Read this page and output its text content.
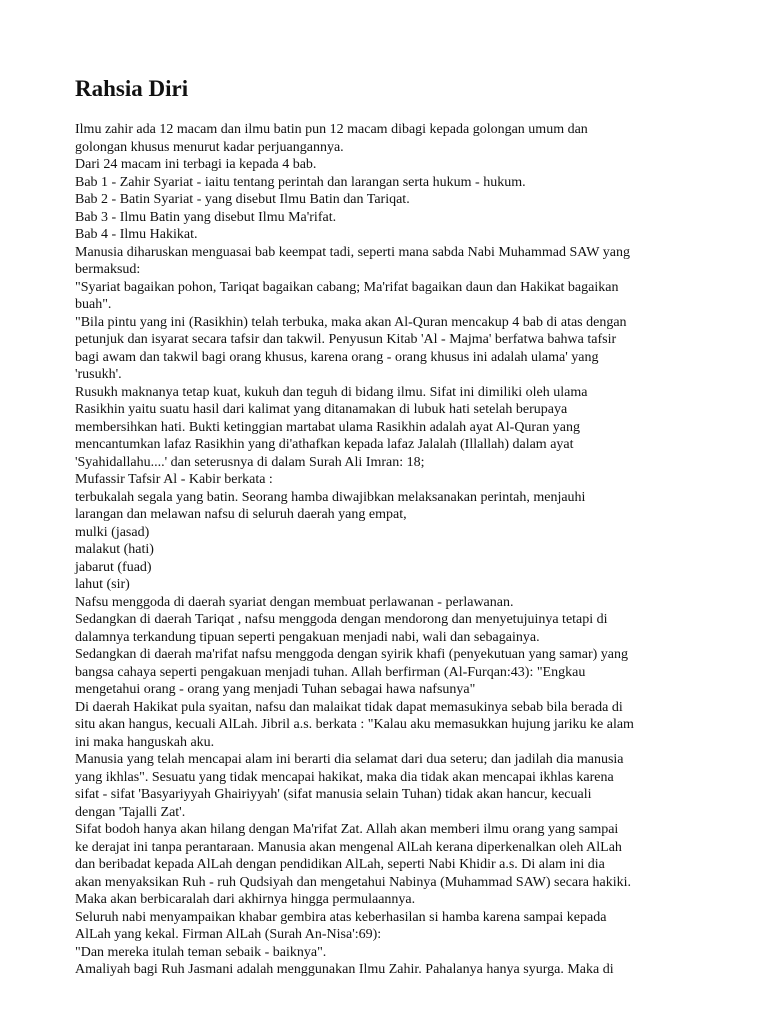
Rahsia Diri
Ilmu zahir ada 12 macam dan ilmu batin pun 12 macam dibagi kepada golongan umum dan
golongan khusus menurut kadar perjuangannya.
Dari 24 macam ini terbagi ia kepada 4 bab.
Bab 1 - Zahir Syariat - iaitu tentang perintah dan larangan serta hukum - hukum.
Bab 2 - Batin Syariat - yang disebut Ilmu Batin dan Tariqat.
Bab 3 - Ilmu Batin yang disebut Ilmu Ma'rifat.
Bab 4 - Ilmu Hakikat.
Manusia diharuskan menguasai bab keempat tadi, seperti mana sabda Nabi Muhammad SAW yang
bermaksud:
"Syariat bagaikan pohon, Tariqat bagaikan cabang; Ma'rifat bagaikan daun dan Hakikat bagaikan
buah".
"Bila pintu yang ini (Rasikhin) telah terbuka, maka akan Al-Quran mencakup 4 bab di atas dengan
petunjuk dan isyarat secara tafsir dan takwil. Penyusun Kitab 'Al - Majma' berfatwa bahwa tafsir
bagi awam dan takwil bagi orang khusus, karena orang - orang khusus ini adalah ulama' yang
'rusukh'.
Rusukh maknanya tetap kuat, kukuh dan teguh di bidang ilmu. Sifat ini dimiliki oleh ulama
Rasikhin yaitu suatu hasil dari kalimat yang ditanamakan di lubuk hati setelah berupaya
membersihkan hati. Bukti ketinggian martabat ulama Rasikhin adalah ayat Al-Quran yang
mencantumkan lafaz Rasikhin yang di'athafkan kepada lafaz Jalalah (Illallah) dalam ayat
'Syahidallahu....' dan seterusnya di dalam Surah Ali Imran: 18;
Mufassir Tafsir Al - Kabir berkata :
terbukalah segala yang batin. Seorang hamba diwajibkan melaksanakan perintah, menjauhi
larangan dan melawan nafsu di seluruh daerah yang empat,
mulki (jasad)
malakut (hati)
jabarut (fuad)
lahut (sir)
Nafsu menggoda di daerah syariat dengan membuat perlawanan - perlawanan.
Sedangkan di daerah Tariqat , nafsu menggoda dengan mendorong dan menyetujuinya tetapi di
dalamnya terkandung tipuan seperti pengakuan menjadi nabi, wali dan sebagainya.
Sedangkan di daerah ma'rifat nafsu menggoda dengan syirik khafi (penyekutuan yang samar) yang
bangsa cahaya seperti pengakuan menjadi tuhan. Allah berfirman (Al-Furqan:43): "Engkau
mengetahui orang - orang yang menjadi Tuhan sebagai hawa nafsunya"
Di daerah Hakikat pula syaitan, nafsu dan malaikat tidak dapat memasukinya sebab bila berada di
situ akan hangus, kecuali AlLah. Jibril a.s. berkata : "Kalau aku memasukkan hujung jariku ke alam
ini maka hanguskah aku.
Manusia yang telah mencapai alam ini berarti dia selamat dari dua seteru; dan jadilah dia manusia
yang ikhlas". Sesuatu yang tidak mencapai hakikat, maka dia tidak akan mencapai ikhlas karena
sifat - sifat 'Basyariyyah Ghairiyyah' (sifat manusia selain Tuhan) tidak akan hancur, kecuali
dengan 'Tajalli Zat'.
Sifat bodoh hanya akan hilang dengan Ma'rifat Zat. Allah akan memberi ilmu orang yang sampai
ke derajat ini tanpa perantaraan. Manusia akan mengenal AlLah kerana diperkenalkan oleh AlLah
dan beribadat kepada AlLah dengan pendidikan AlLah, seperti Nabi Khidir a.s. Di alam ini dia
akan menyaksikan Ruh - ruh Qudsiyah dan mengetahui Nabinya (Muhammad SAW) secara hakiki.
Maka akan berbicaralah dari akhirnya hingga permulaannya.
Seluruh nabi menyampaikan khabar gembira atas keberhasilan si hamba karena sampai kepada
AlLah yang kekal. Firman AlLah (Surah An-Nisa':69):
"Dan mereka itulah teman sebaik - baiknya".
Amaliyah bagi Ruh Jasmani adalah menggunakan Ilmu Zahir. Pahalanya hanya syurga. Maka di
